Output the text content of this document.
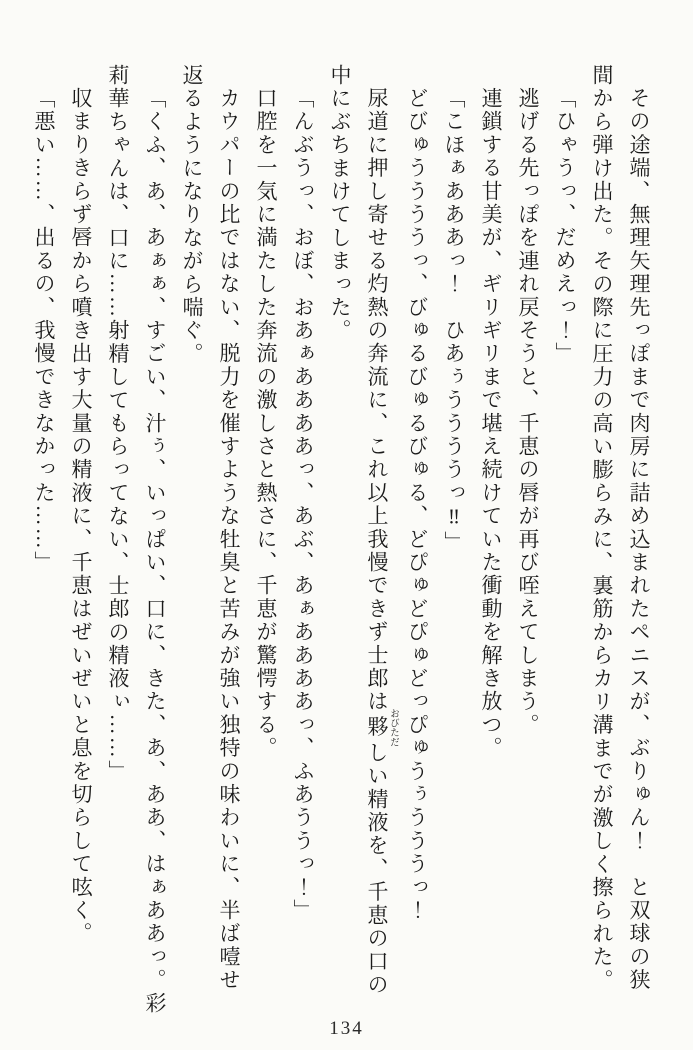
その途端、無理矢理先っぽまで肉房に詰め込まれたペニスが、ぶりゅん！　と双球の狭

間から弾け出た。その際に圧力の高い膨らみに、裏筋からカリ溝までが激しく擦られた。

「ひゃうっ、だめえっ！」

逃げる先っぽを連れ戻そうと、千恵の唇が再び咥えてしまう。

連鎖する甘美が、ギリギリまで堪え続けていた衝動を解き放つ。

「こほぁあああっ！　ひあぅううううっ‼」

どびゅううううっ、びゅるびゅるびゅる、どぴゅどぴゅどっぴゅうぅうううっ！

尿道に押し寄せる灼熱の奔流に、これ以上我慢できず士郎は夥 おびただしい精液を、千恵の口の

中にぶちまけてしまった。

「んぶうっ、おぼ、おあぁああああっ、あぶ、あぁああああっ、ふあううっ！」

口腔を一気に満たした奔流の激しさと熱さに、千恵が驚愕する。

カウパーの比ではない、脱力を催すような牡臭と苦みが強い独特の味わいに、半ば噎せ

返るようになりながら喘ぐ。

「くふ、あ、あぁぁ、すごい、汁ぅ、いっぱい、口に、きた、あ、ああ、はぁああっ。彩

莉華ちゃんは、口に……射精してもらってない、士郎の精液ぃ……」

収まりきらず唇から噴き出す大量の精液に、千恵はぜいぜいと息を切らして呟く。

「悪い……、出るの、我慢できなかった……」

134
